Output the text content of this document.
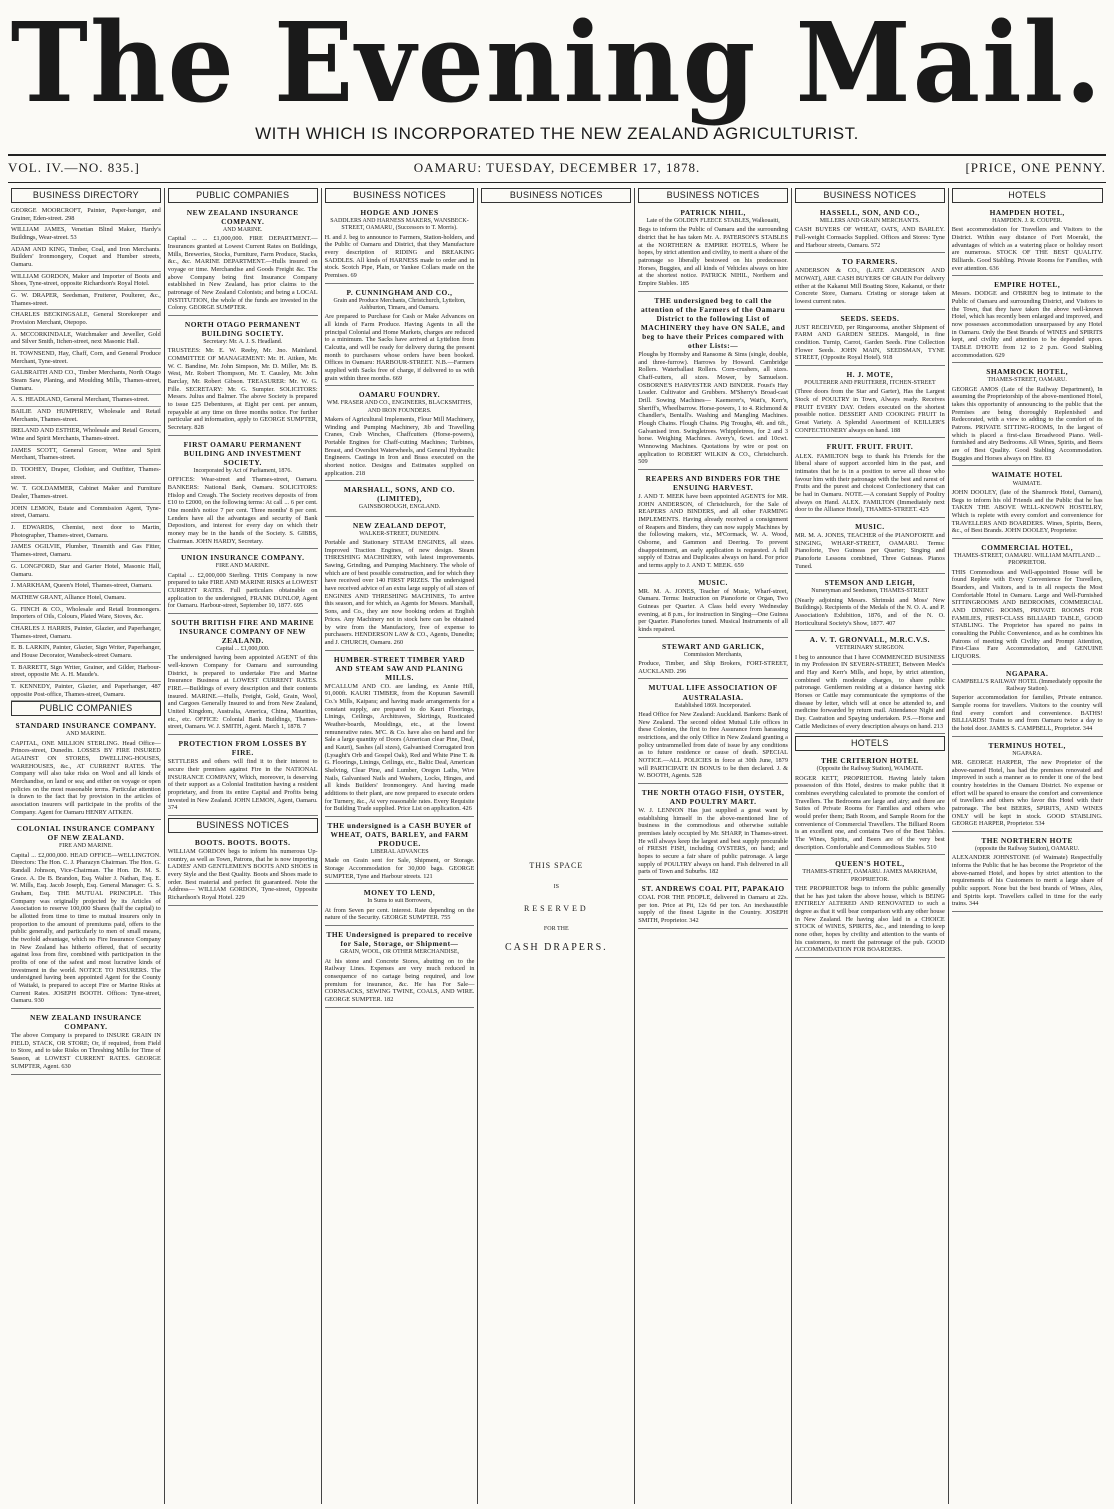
The Evening Mail.
WITH WHICH IS INCORPORATED THE NEW ZEALAND AGRICULTURIST.
VOL. IV.—NO. 835.]	OAMARU: TUESDAY, DECEMBER 17, 1878.	[PRICE, ONE PENNY.
BUSINESS DIRECTORY
GEORGE MOORCROFT, Painter, Paper-hanger, and Grainer, Eden-street. 298
WILLIAM JAMES, Venetian Blind Maker, Hardy's Buildings, Wear-street. 53
ADAM AND KING, Timber, Coal, and Iron Merchants. Builders' Ironmongery, Coquet and Humber streets, Oamaru.
WILLIAM GORDON, Maker and Importer of Boots and Shoes, Tyne-street, opposite Richardson's Royal Hotel.
G. W. DRAPER, Seedsman, Fruiterer, Poulterer, &c., Thames-street.
CHARLES BECKINGSALE, General Storekeeper and Provision Merchant, Otepopo.
A. MCCORKINDALE, Watchmaker and Jeweller, Gold and Silver Smith, Itchen-street, next Masonic Hall.
H. TOWNSEND, Hay, Chaff, Corn, and General Produce Merchant, Tyne-street.
GALBRAITH AND CO., Timber Merchants, North Otago Steam Saw, Planing, and Moulding Mills, Thames-street, Oamaru.
A. S. HEADLAND, General Merchant, Thames-street.
BAILIE AND HUMPHREY, Wholesale and Retail Merchants, Thames-street.
IRELAND AND ESTHER, Wholesale and Retail Grocers, Wine and Spirit Merchants, Thames-street.
JAMES SCOTT, General Grocer, Wine and Spirit Merchant, Thames-street.
D. TOOHEY, Draper, Clothier, and Outfitter, Thames-street.
W. T. GOLDAMMER, Cabinet Maker and Furniture Dealer, Thames-street.
JOHN LEMON, Estate and Commission Agent, Tyne-street, Oamaru.
J. EDWARDS, Chemist, next door to Martin, Photographer, Thames-street, Oamaru.
JAMES OGILVIE, Plumber, Tinsmith and Gas Fitter, Thames-street, Oamaru.
G. LONGFORD, Star and Garter Hotel, Masonic Hall, Oamaru.
J. MARKHAM, Queen's Hotel, Thames-street, Oamaru.
MATHEW GRANT, Alliance Hotel, Oamaru.
G. FINCH & CO., Wholesale and Retail Ironmongers. Importers of Oils, Colours, Plated Ware, Stoves, &c.
CHARLES J. HARRIS, Painter, Glazier, and Paperhanger, Thames-street, Oamaru.
E. B. LARKIN, Painter, Glazier, Sign Writer, Paperhanger, and House Decorator, Wansbeck-street Oamaru.
T. BARRETT, Sign Writer, Grainer, and Gilder, Harbour-street, opposite Mr. A. H. Maude's.
T. KENNEDY, Painter, Glazier, and Paperhanger, 487 opposite Post-office, Thames-street, Oamaru.
PUBLIC COMPANIES
STANDARD INSURANCE COMPANY.
AND MARINE.

CAPITAL, ONE MILLION STERLING. Head Office—Princes-street, Dunedin. LOSSES BY FIRE INSURED AGAINST ON STORES, DWELLING-HOUSES, WAREHOUSES, &c., AT CURRENT RATES. The Company will also take risks on Wool and all kinds of Merchandise, on land or sea; and either on voyage or open policies on the most reasonable terms. Particular attention is drawn to the fact that by provision in the articles of association insurers will participate in the profits of the Company. Agent for Oamaru HENRY AITKEN.

COLONIAL INSURANCE COMPANY OF NEW ZEALAND.
FIRE AND MARINE.

Capital ... £2,000,000. HEAD OFFICE—WELLINGTON. Directors: The Hon. C. J. Pharazyn Chairman. The Hon. G. Randall Johnson, Vice-Chairman. The Hon. Dr. M. S. Grace. A. De B. Brandon, Esq. Walter J. Nathan, Esq. E. W. Mills, Esq. Jacob Joseph, Esq. General Manager: G. S. Graham, Esq. THE MUTUAL PRINCIPLE. This Company was originally projected by its Articles of Association to reserve 100,000 Shares (half the capital) to be allotted from time to time to mutual insurers only in proportion to the amount of premiums paid, offers to the public generally, and particularly to men of small means, the twofold advantage, which no Fire Insurance Company in New Zealand has hitherto offered, that of security against loss from fire, combined with participation in the profits of one of the safest and most lucrative kinds of investment in the world. NOTICE TO INSURERS. The undersigned having been appointed Agent for the County of Waitaki, is prepared to accept Fire or Marine Risks at Current Rates. JOSEPH BOOTH. Offices: Tyne-street, Oamaru. 930

NEW ZEALAND INSURANCE COMPANY.

The above Company is prepared to INSURE GRAIN IN FIELD, STACK, OR STORE; Or, if required, from Field to Store, and to take Risks on Threshing Mills for Time of Season, at LOWEST CURRENT RATES. GEORGE SUMPTER, Agent. 630

PUBLIC COMPANIES
NEW ZEALAND INSURANCE COMPANY.
AND MARINE.

Capital ... ... £1,000,000. FIRE DEPARTMENT.—Insurances granted at Lowest Current Rates on Buildings, Mills, Breweries, Stocks, Furniture, Farm Produce, Stacks, &c., &c. MARINE DEPARTMENT.—Hulls insured on voyage or time. Merchandise and Goods Freight &c. The above Company being first Insurance Company established in New Zealand, has prior claims to the patronage of New Zealand Colonists; and being a LOCAL INSTITUTION, the whole of the funds are invested in the Colony. GEORGE SUMPTER.

NORTH OTAGO PERMANENT BUILDING SOCIETY.
Secretary: Mr. A. J. S. Headland.

TRUSTEES: Mr. E. W. Reeby, Mr. Jno. Mainland. COMMITTEE OF MANAGEMENT: Mr. H. Aitken, Mr. W. C. Bandine, Mr. John Simpson, Mr. D. Miller, Mr. B. West, Mr. Robert Thompson, Mr. T. Causley, Mr. John Barclay, Mr. Robert Gibson. TREASURER: Mr. W. G. Fille. SECRETARY: Mr. G. Sumpter. SOLICITORS: Messrs. Julius and Balmer. The above Society is prepared to issue £25 Debentures, at Eight per cent. per annum, repayable at any time on three months notice. For further particular and information, apply to GEORGE SUMPTER, Secretary. 828

FIRST OAMARU PERMANENT BUILDING AND INVESTMENT SOCIETY.
Incorporated by Act of Parliament, 1876.

OFFICES: Wear-street and Thames-street, Oamaru. BANKERS: National Bank, Oamaru. SOLICITORS: Hislop and Creagh. The Society receives deposits of from £10 to £2000, on the following terms: At call ... 6 per cent. One month's notice 7 per cent. Three months' 8 per cent. Lenders have all the advantages and security of Bank Depositors, and interest for every day on which their money may be in the hands of the Society. S. GIBBS, Chairman. JOHN HARDY, Secretary.

UNION INSURANCE COMPANY.
FIRE AND MARINE.

Capital ... £2,000,000 Sterling. THIS Company is now prepared to take FIRE AND MARINE RISKS at LOWEST CURRENT RATES. Full particulars obtainable on application to the undersigned, FRANK DUNLOP, Agent for Oamaru. Harbour-street, September 10, 1877. 695

SOUTH BRITISH FIRE AND MARINE INSURANCE COMPANY OF NEW ZEALAND.
Capital ... £1,000,000.

The undersigned having been appointed AGENT of this well-known Company for Oamaru and surrounding District, is prepared to undertake Fire and Marine Insurance Business at LOWEST CURRENT RATES. FIRE.—Buildings of every description and their contents insured. MARINE.—Hulls, Freight, Gold, Grain, Wool, and Cargoes Generally Insured to and from New Zealand, United Kingdom, Australia, America, China, Mauritius, etc., etc. OFFICE: Colonial Bank Buildings, Thames-street, Oamaru. W. J. SMITH, Agent. March 1, 1878. 7

PROTECTION FROM LOSSES BY FIRE.

SETTLERS and others will find it to their interest to secure their premises against Fire in the NATIONAL INSURANCE COMPANY, Which, moreover, is deserving of their support as a Colonial Institution having a resident proprietary, and from its entire Capital and Profits being invested in New Zealand. JOHN LEMON, Agent, Oamaru. 374

BUSINESS NOTICES
BOOTS. BOOTS. BOOTS.

WILLIAM GORDON begs to inform his numerous Up-country, as well as Town, Patrons, that he is now importing LADIES' AND GENTLEMEN'S BOOTS AND SHOES in every Style and the Best Quality. Boots and Shoes made to order. Best material and perfect fit guaranteed. Note the Address— WILLIAM GORDON, Tyne-street, Opposite Richardson's Royal Hotel. 229

BUSINESS NOTICES
HODGE AND JONES
SADDLERS AND HARNESS MAKERS, WANSBECK-STREET, OAMARU, (Successors to T. Morris).

H. and J. beg to announce to Farmers, Station-holders, and the Public of Oamaru and District, that they Manufacture every description of RIDING and BREAKING SADDLES. All kinds of HARNESS made to order and in stock. Scotch Pipe, Plain, or Yankee Collars made on the Premises. 69

P. CUNNINGHAM AND CO.,
Grain and Produce Merchants, Christchurch, Lyttelton, Ashburton, Timaru, and Oamaru.

Are prepared to Purchase for Cash or Make Advances on all kinds of Farm Produce. Having Agents in all the principal Colonial and Home Markets, charges are reduced to a minimum. The Sacks have arrived at Lyttelton from Calcutta, and will be ready for delivery during the present month to purchasers whose orders have been booked. Offices in Oamaru: HARBOUR-STREET. N.B.—Farmers supplied with Sacks free of charge, if delivered to us with grain within three months. 669

OAMARU FOUNDRY.
WM. FRASER AND CO., ENGINEERS, BLACKSMITHS, AND IRON FOUNDERS.

Makers of Agricultural Implements, Flour Mill Machinery, Winding and Pumping Machinery, Jib and Travelling Cranes, Crab Winches, Chaffcutters (Horse-powers), Portable Engines for Chaff-cutting Machines; Turbines, Breast, and Overshot Waterwheels, and General Hydraulic Engineers. Castings in Iron and Brass executed on the shortest notice. Designs and Estimates supplied on application. 218

MARSHALL, SONS, AND CO. (LIMITED),
GAINSBOROUGH, ENGLAND.
NEW ZEALAND DEPOT,
WALKER-STREET, DUNEDIN.

Portable and Stationary STEAM ENGINES, all sizes. Improved Traction Engines, of new design. Steam THRESHING MACHINERY, with latest improvements. Sawing, Grinding, and Pumping Machinery. The whole of which are of best possible construction, and for which they have received over 140 FIRST PRIZES. The undersigned have received advice of an extra large supply of all sizes of ENGINES AND THRESHING MACHINES, To arrive this season, and for which, as Agents for Messrs. Marshall, Sons, and Co., they are now booking orders at English Prices. Any Machinery not in stock here can be obtained by wire from the Manufactory, free of expense to purchasers. HENDERSON LAW & CO., Agents, Dunedin; and J. CHURCH, Oamaru. 260

HUMBER-STREET TIMBER YARD AND STEAM SAW AND PLANING MILLS.

M'CALLUM AND CO. are landing, ex Annie Hill, 91,000ft. KAURI TIMBER, from the Kopuran Sawmill Co.'s Mills, Kaipara; and having made arrangements for a constant supply, are prepared to do Kauri Floorings, Linings, Ceilings, Architraves, Skirtings, Rusticated Weather-boards, Mouldings, etc., at the lowest remunerative rates. M'C. & Co. have also on hand and for Sale a large quantity of Doors (American clear Pine, Deal, and Kauri), Sashes (all sizes), Galvanised Corrugated Iron (Lysaght's Orb and Gospel Oak), Red and White Pine T. & G. Floorings, Linings, Ceilings, etc., Baltic Deal, American Shelving, Clear Pine, and Lumber, Oregon Laths, Wire Nails, Galvanised Nails and Washers, Locks, Hinges, and all kinds Builders' Ironmongery. And having made additions to their plant, are now prepared to execute orders for Turnery, &c., At very reasonable rates. Every Requisite for Building Trade supplied. Price List on application. 426

THE undersigned is a CASH BUYER of WHEAT, OATS, BARLEY, and FARM PRODUCE.
LIBERAL ADVANCES

Made on Grain sent for Sale, Shipment, or Storage. Storage Accommodation for 30,000 bags. GEORGE SUMPTER, Tyne and Harbour streets. 121

MONEY TO LEND,
In Sums to suit Borrowers,

At from Seven per cent. interest. Rate depending on the nature of the Security. GEORGE SUMPTER. 755

THE Undersigned is prepared to receive for Sale, Storage, or Shipment—
GRAIN, WOOL, OR OTHER MERCHANDISE,

At his stone and Concrete Stores, abutting on to the Railway Lines. Expenses are very much reduced in consequence of no cartage being required, and low premium for insurance, &c. He has For Sale— CORNSACKS, SEWING TWINE, COALS, AND WIRE. GEORGE SUMPTER. 182

BUSINESS NOTICES
THIS SPACE
IS
RESERVED
FOR THE
CASH DRAPERS.
BUSINESS NOTICES
PATRICK NIHIL,
Late of the GOLDEN FLEECE STABLES, Walkouaiti,

Begs to inform the Public of Oamaru and the surrounding district that he has taken Mr. A. PATERSON'S STABLES at the NORTHERN & EMPIRE HOTELS, Where he hopes, by strict attention and civility, to merit a share of the patronage so liberally bestowed on his predecessor. Horses, Buggies, and all kinds of Vehicles always on hire at the shortest notice. PATRICK NIHIL, Northern and Empire Stables. 185

THE undersigned beg to call the attention of the Farmers of the Oamaru District to the following List of MACHINERY they have ON SALE, and beg to have their Prices compared with other Lists:—

Ploughs by Hornsby and Ransome & Sims (single, double, and three-furrow). Harrows by Howard. Cambridge Rollers. Waterballast Rollers. Corn-crushers, all sizes. Chaff-cutters, all sizes. Mower, by Samuelson. OSBORNE'S HARVESTER AND BINDER. Foust's Hay Loader. Cultivator and Grubbers. M'Sherry's Broad-cast Drill. Sowing Machines— Kaemerer's, Watt's, Kerr's, Sheriff's, Wheelbarrow. Horse-powers, 1 to 4. Richmond & Chandler's, Bentall's. Washing and Mangling Machines. Plough Chains. Flough Chains. Pig Troughs, 4ft. and 6ft., Galvanised iron. Swingletrees. Whippletrees, for 2 and 3 horse. Weighing Machines. Avery's, 6cwt. and 10cwt. Winnowing Machines. Quotations by wire or post on application to ROBERT WILKIN & CO., Christchurch. 509

REAPERS AND BINDERS FOR THE ENSUING HARVEST.

J. AND T. MEEK have been appointed AGENTS for MR. JOHN ANDERSON, of Christchurch, for the Sale of REAPERS AND BINDERS, and all other FARMING IMPLEMENTS. Having already received a consignment of Reapers and Binders, they can now supply Machines by the following makers, viz., M'Cormack, W. A. Wood, Osborne, and Gammon and Deering. To prevent disappointment, an early application is requested. A full supply of Extras and Duplicates always on hand. For price and terms apply to J. AND T. MEEK. 659

MUSIC.

MR. M. A. JONES, Teacher of Music, Wharf-street, Oamaru. Terms: Instruction on Pianoforte or Organ, Two Guineas per Quarter. A Class held every Wednesday evening, at 8 p.m., for instruction in Singing—One Guinea per Quarter. Pianofortes tuned. Musical Instruments of all kinds repaired.

STEWART AND GARLICK,
Commission Merchants,

Produce, Timber, and Ship Brokers, FORT-STREET, AUCKLAND. 296

MUTUAL LIFE ASSOCIATION OF AUSTRALASIA.
Established 1869. Incorporated.

Head Office for New Zealand: Auckland. Bankers: Bank of New Zealand. The second oldest Mutual Life offices in these Colonies, the first to free Assurance from harassing restrictions, and the only Office in New Zealand granting a policy untrammelled from date of issue by any conditions as to future residence or cause of death. SPECIAL NOTICE.—ALL POLICIES in force at 30th June, 1879 will PARTICIPATE IN BONUS to be then declared. J. & W. BOOTH, Agents. 528

THE NORTH OTAGO FISH, OYSTER, AND POULTRY MART.

W. J. LENNON Has just supplied a great want by establishing himself in the above-mentioned line of business in the commodious and otherwise suitable premises lately occupied by Mr. SHARP, in Thames-street. He will always keep the largest and best supply procurable of FRESH FISH, including OYSTERS, on hand; and hopes to secure a fair share of public patronage. A large supply of POULTRY always on hand. Fish delivered in all parts of Town and Suburbs. 182

ST. ANDREWS COAL PIT, PAPAKAIO

COAL FOR THE PEOPLE, delivered in Oamaru at 22s. per ton. Price at Pit, 12s 6d per ton. An inexhaustible supply of the finest Lignite in the Country. JOSEPH SMITH, Proprietor. 342

BUSINESS NOTICES
HASSELL, SON, AND CO.,
MILLERS AND GRAIN MERCHANTS.

CASH BUYERS OF WHEAT, OATS, AND BARLEY. Full-weight Cornsacks Supplied. Offices and Stores: Tyne and Harbour streets, Oamaru. 572

TO FARMERS.

ANDERSON & CO., (LATE ANDERSON AND MOWAT), ARE CASH BUYERS OF GRAIN For delivery either at the Kakanui Mill Boating Store, Kakanui, or their Concrete Store, Oamaru. Cristing or storage taken at lowest current rates.

SEEDS. SEEDS.

JUST RECEIVED, per Ringarooma, another Shipment of FARM AND GARDEN SEEDS. Mangold, in fine condition. Turnip, Carrot, Garden Seeds. Fine Collection Flower Seeds. JOHN MAIN, SEEDSMAN, TYNE STREET, (Opposite Royal Hotel). 918

H. J. MOTE,
POULTERER AND FRUITERER, ITCHEN-STREET

(Three doors from the Star and Garter), Has the Largest Stock of POULTRY in Town, Always ready. Receives FRUIT EVERY DAY. Orders executed on the shortest possible notice. DESSERT AND COOKING FRUIT In Great Variety. A Splendid Assortment of KEILLER'S CONFECTIONERY always on hand. 188

FRUIT. FRUIT. FRUIT.

ALEX. FAMILTON begs to thank his Friends for the liberal share of support accorded him in the past, and intimates that he is in a position to serve all those who favour him with their patronage with the best and rarest of Fruits and the purest and choicest Confectionery that can be had in Oamaru. NOTE.—A constant Supply of Poultry always on Hand. ALEX. FAMILTON (Immediately next door to the Alliance Hotel), THAMES-STREET. 425

MUSIC.

MR. M. A. JONES, TEACHER of the PIANOFORTE and SINGING, WHARF-STREET, OAMARU. Terms: Pianoforte, Two Guineas per Quarter; Singing and Pianoforte Lessons combined, Three Guineas. Pianos Tuned.

STEMSON AND LEIGH,
Nurseryman and Seedsmen, THAMES-STREET

(Nearly adjoining Messrs. Shrimski and Moss' New Buildings). Recipients of the Medals of the N. O. A. and P. Association's Exhibition, 1876, and of the N. O. Horticultural Society's Show, 1877. 407

A. V. T. GRONVALL, M.R.C.V.S.
VETERINARY SURGEON.

I beg to announce that I have COMMENCED BUSINESS in my Profession IN SEVERN-STREET, Between Meek's and Hay and Kerr's Mills, and hope, by strict attention, combined with moderate charges, to share public patronage. Gentlemen residing at a distance having sick Horses or Cattle may communicate the symptoms of the disease by letter, which will at once be attended to, and medicine forwarded by return mail. Attendance Night and Day. Castration and Spaying undertaken. P.S.—Horse and Cattle Medicines of every description always on hand. 213

HOTELS
THE CRITERION HOTEL
(Opposite the Railway Station), WAIMATE.

ROGER KETT, PROPRIETOR. Having lately taken possession of this Hotel, desires to make public that it combines everything calculated to promote the comfort of Travellers. The Bedrooms are large and airy; and there are Suites of Private Rooms for Families and others who would prefer them; Bath Room, and Sample Room for the convenience of Commercial Travellers. The Billiard Room is an excellent one, and contains Two of the Best Tables. The Wines, Spirits, and Beers are of the very best description. Comfortable and Commodious Stables. 510

QUEEN'S HOTEL,
THAMES-STREET, OAMARU. JAMES MARKHAM, PROPRIETOR.

THE PROPRIETOR begs to inform the public generally that he has just taken the above house, which is BEING ENTIRELY ALTERED AND RENOVATED to such a degree as that it will bear comparison with any other house in New Zealand. He having also laid in a CHOICE STOCK of WINES, SPIRITS, &c., and intending to keep none other, hopes by civility and attention to the wants of his customers, to merit the patronage of the pub. GOOD ACCOMMODATION FOR BOARDERS.

HOTELS
HAMPDEN HOTEL,
HAMPDEN. J. R. COUPER.

Best accommodation for Travellers and Visitors to the District. Within easy distance of Fort Moeraki, the advantages of which as a watering place or holiday resort are numerous. STOCK OF THE BEST QUALITY. Billiards. Good Stabling. Private Rooms for Families, with ever attention. 636

EMPIRE HOTEL,

Messrs. DODGE and O'BRIEN beg to intimate to the Public of Oamaru and surrounding District, and Visitors to the Town, that they have taken the above well-known Hotel, which has recently been enlarged and improved, and now possesses accommodation unsurpassed by any Hotel in Oamaru. Only the Best Brands of WINES and SPIRITS kept, and civility and attention to be depended upon. TABLE D'HOTE from 12 to 2 p.m. Good Stabling accommodation. 629

SHAMROCK HOTEL,
THAMES-STREET, OAMARU.

GEORGE AMOS (Late of the Railway Department), In assuming the Proprietorship of the above-mentioned Hotel, takes this opportunity of announcing to the public that the Premises are being thoroughly Replenished and Redecorated, with a view to adding to the comfort of its Patrons. PRIVATE SITTING-ROOMS, In the largest of which is placed a first-class Broadwood Piano. Well-furnished and airy Bedrooms. All Wines, Spirits, and Beers are of Best Quality. Good Stabling Accommodation. Buggies and Horses always on Hire. 83

WAIMATE HOTEL
WAIMATE.

JOHN DOOLEY, (late of the Shamrock Hotel, Oamaru), Begs to inform his old Friends and the Public that he has TAKEN THE ABOVE WELL-KNOWN HOSTELRY, Which is replete with every comfort and convenience for TRAVELLERS AND BOARDERS. Wines, Spirits, Beers, &c., of Best Brands. JOHN DOOLEY, Proprietor.

COMMERCIAL HOTEL,
THAMES-STREET, OAMARU. WILLIAM MAITLAND ... PROPRIETOR.

THIS Commodious and Well-appointed House will be found Replete with Every Convenience for Travellers, Boarders, and Visitors, and is in all respects the Most Comfortable Hotel in Oamaru. Large and Well-Furnished SITTINGROOMS AND BEDROOMS, COMMERCIAL AND DINING ROOMS, PRIVATE ROOMS FOR FAMILIES, FIRST-CLASS BILLIARD TABLE, GOOD STABLING. The Proprietor has spared no pains in consulting the Public Convenience, and as he combines his Patrons of meeting with Civility and Prompt Attention, First-Class Fare Accommodation, and GENUINE LIQUORS.

NGAPARA.
CAMPBELL'S RAILWAY HOTEL (Immediately opposite the Railway Station).

Superior accommodation for families, Private entrance. Sample rooms for travellers. Visitors to the country will find every comfort and convenience. BATHS! BILLIARDS! Trains to and from Oamaru twice a day to the hotel door. JAMES S. CAMPBELL, Proprietor. 344

TERMINUS HOTEL,
NGAPARA.

MR. GEORGE HARPER, The new Proprietor of the above-named Hotel, has had the premises renovated and improved in such a manner as to render it one of the best country hostelries in the Oamaru District. No expense or effort will be spared to ensure the comfort and convenience of travellers and others who favor this Hotel with their patronage. The best BEERS, SPIRITS, AND WINES ONLY will be kept in stock. GOOD STABLING. GEORGE HARPER, Proprietor. 534

THE NORTHERN HOTE
(opposite the Railway Station), OAMARU.

ALEXANDER JOHNSTONE (of Waimate) Respectfully informs the Public that he has become the Proprietor of the above-named Hotel, and hopes by strict attention to the requirements of his Customers to merit a large share of public support. None but the best brands of Wines, Ales, and Spirits kept. Travellers called in time for the early trains. 344
